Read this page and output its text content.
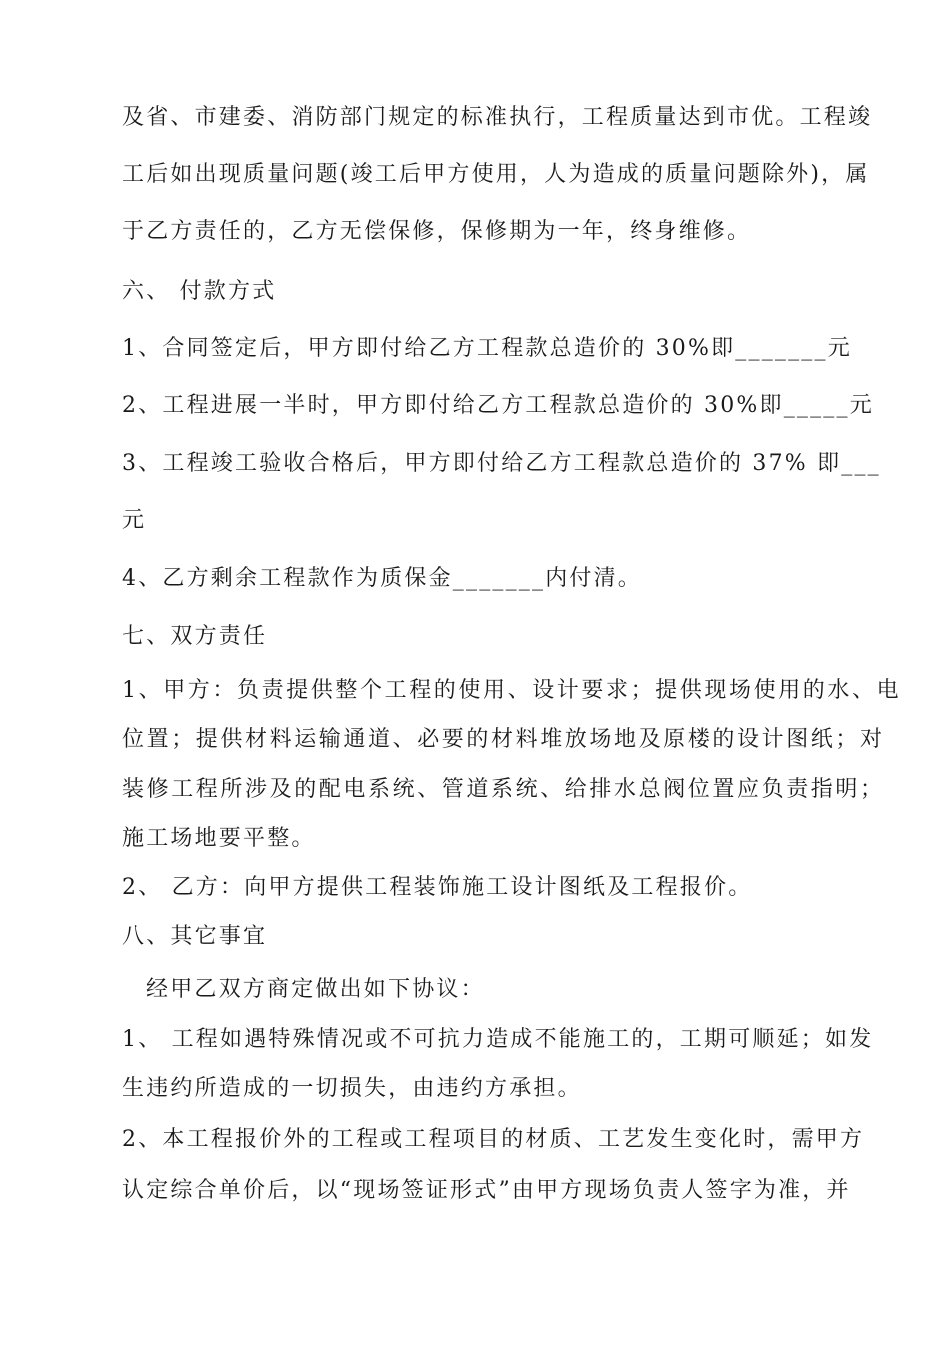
及省、市建委、消防部门规定的标准执行，工程质量达到市优。工程竣
工后如出现质量问题(竣工后甲方使用，人为造成的质量问题除外)，属
于乙方责任的，乙方无偿保修，保修期为一年，终身维修。
六、 付款方式
1、合同签定后，甲方即付给乙方工程款总造价的 30%即_______元
2、工程进展一半时，甲方即付给乙方工程款总造价的 30%即_____元
3、工程竣工验收合格后，甲方即付给乙方工程款总造价的 37% 即___
元
4、乙方剩余工程款作为质保金_______内付清。
七、双方责任
1、甲方：负责提供整个工程的使用、设计要求；提供现场使用的水、电
位置；提供材料运输通道、必要的材料堆放场地及原楼的设计图纸；对
装修工程所涉及的配电系统、管道系统、给排水总阀位置应负责指明；
施工场地要平整。
2、 乙方：向甲方提供工程装饰施工设计图纸及工程报价。
八、其它事宜
经甲乙双方商定做出如下协议：
1、 工程如遇特殊情况或不可抗力造成不能施工的，工期可顺延；如发
生违约所造成的一切损失，由违约方承担。
2、本工程报价外的工程或工程项目的材质、工艺发生变化时，需甲方
认定综合单价后，以“现场签证形式”由甲方现场负责人签字为准，并
